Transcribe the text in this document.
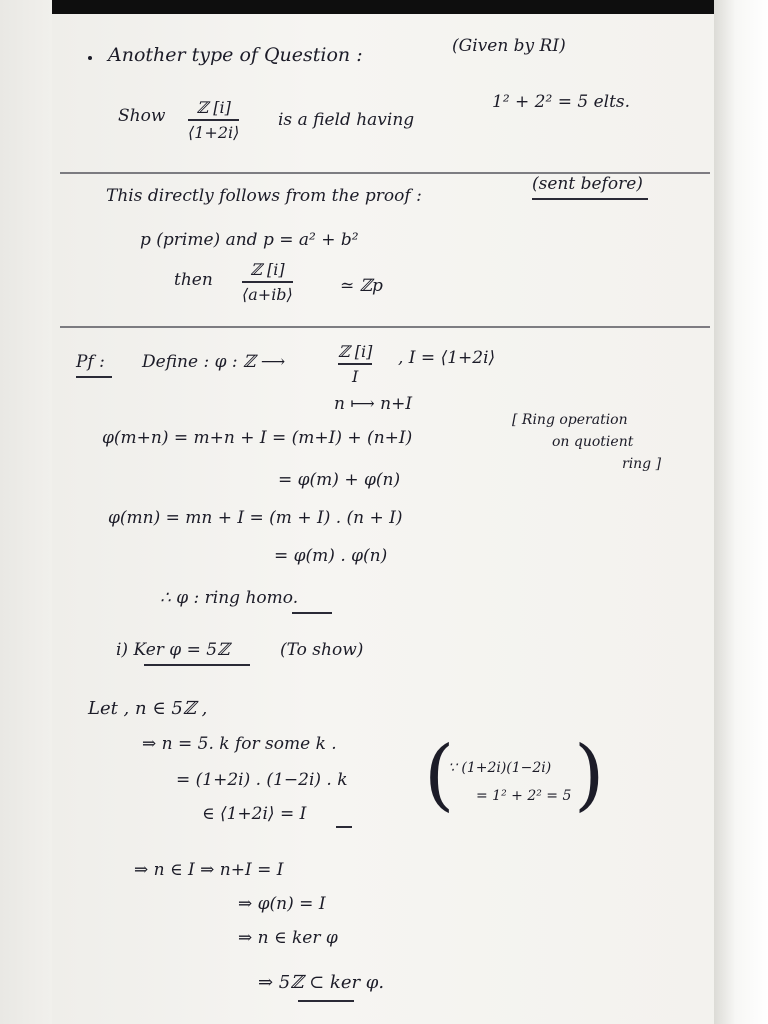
Another type of Question :	(Given by RI)
Show ℤ [i]
⟨1+2i⟩
is a field having
1² + 2² = 5 elts.
This directly follows from the proof :
(sent before)
p (prime) and p = a² + b²
then
ℤ [i]
⟨a+ib⟩	≃ ℤp
Pf : Define : φ : ℤ ⟶
ℤ [i]
I
, I = ⟨1+2i⟩
n ⟼ n+I
φ(m+n) = m+n + I = (m+I) + (n+I)
[ Ring operation
on quotient
ring ]
= φ(m) + φ(n)
φ(mn) = mn + I = (m + I) . (n + I)
= φ(m) . φ(n)
∴ φ : ring homo.
i) Ker φ = 5ℤ	(To show)
Let , n ∈ 5ℤ ,
⇒ n = 5. k for some k .
= (1+2i) . (1−2i) . k
∈ ⟨1+2i⟩ = I (
∵ (1+2i)(1−2i)
= 1² + 2² = 5 )
⇒ n ∈ I ⇒ n+I = I
⇒ φ(n) = I
⇒ n ∈ ker φ
⇒ 5ℤ ⊂ ker φ.
